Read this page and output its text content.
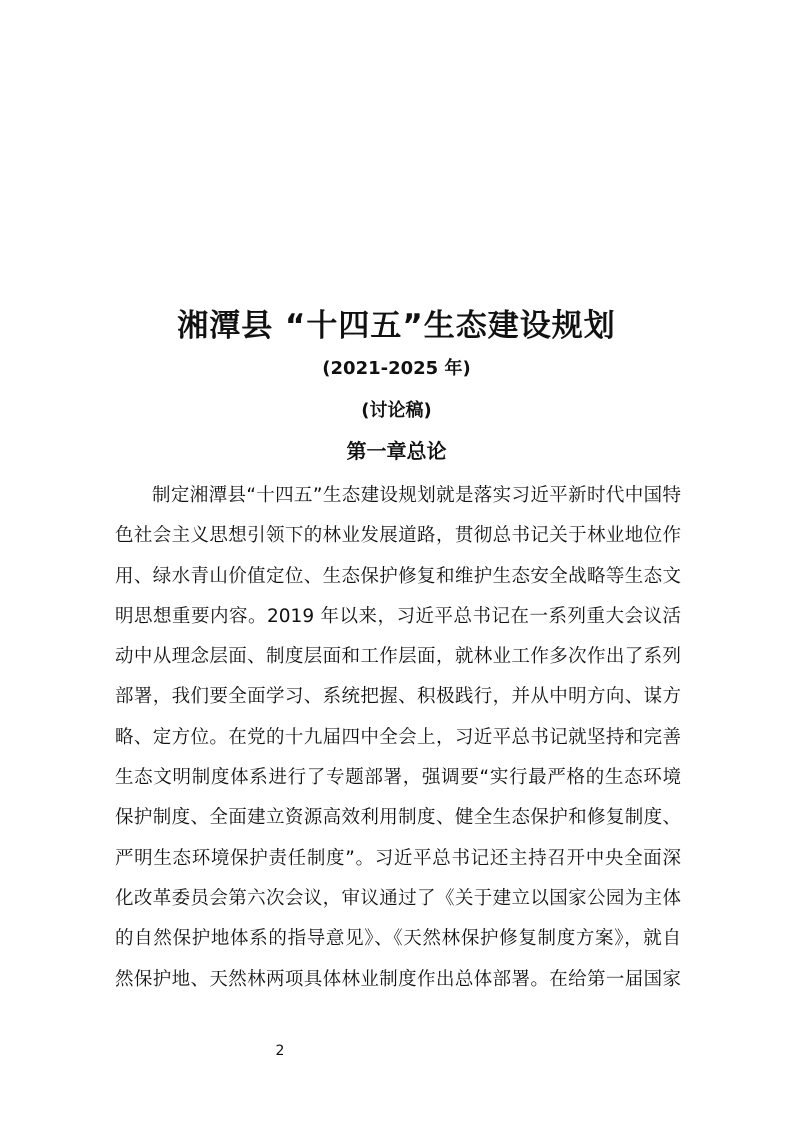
湘潭县 “十四五”生态建设规划
(2021-2025 年)
(讨论稿)
第一章总论
制定湘潭县“十四五”生态建设规划就是落实习近平新时代中国特
色社会主义思想引领下的林业发展道路，贯彻总书记关于林业地位作
用、绿水青山价值定位、生态保护修复和维护生态安全战略等生态文
明思想重要内容。2019 年以来，习近平总书记在一系列重大会议活
动中从理念层面、制度层面和工作层面，就林业工作多次作出了系列
部署，我们要全面学习、系统把握、积极践行，并从中明方向、谋方
略、定方位。在党的十九届四中全会上，习近平总书记就坚持和完善
生态文明制度体系进行了专题部署，强调要“实行最严格的生态环境
保护制度、全面建立资源高效利用制度、健全生态保护和修复制度、
严明生态环境保护责任制度”。习近平总书记还主持召开中央全面深
化改革委员会第六次会议，审议通过了《关于建立以国家公园为主体
的自然保护地体系的指导意见》、《天然林保护修复制度方案》，就自
然保护地、天然林两项具体林业制度作出总体部署。在给第一届国家
2
